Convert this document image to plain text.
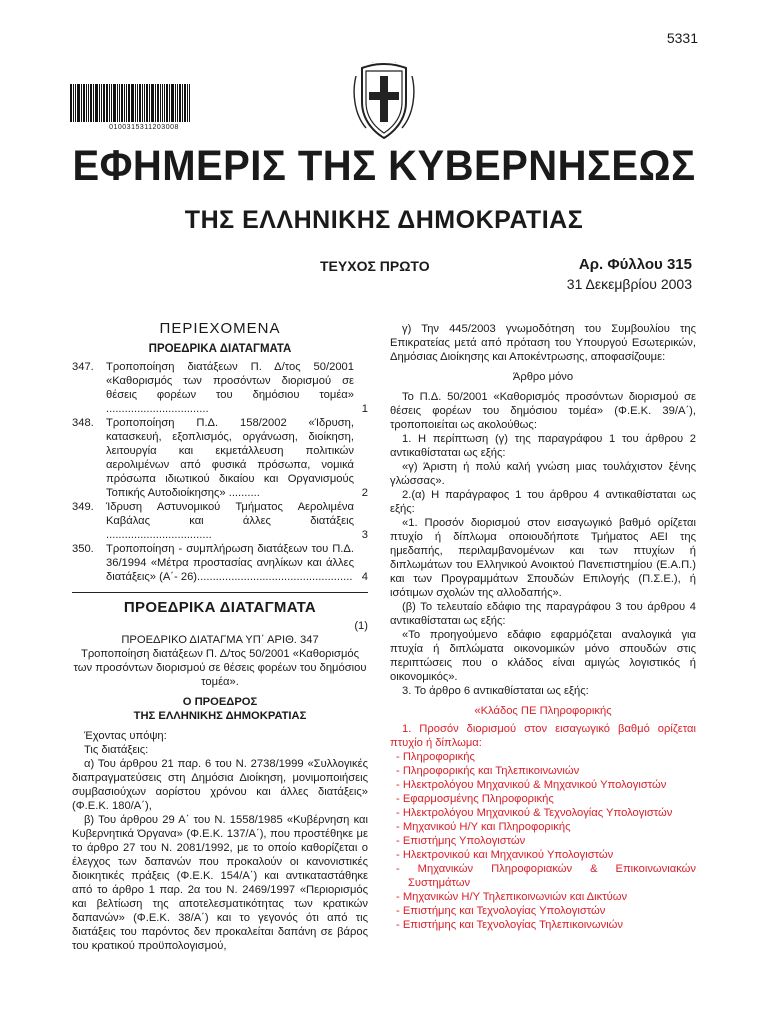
5331
0100315311203008
ΕΦΗΜΕΡΙΣ ΤΗΣ ΚΥΒΕΡΝΗΣΕΩΣ
ΤΗΣ ΕΛΛΗΝΙΚΗΣ ΔΗΜΟΚΡΑΤΙΑΣ
ΤΕΥΧΟΣ ΠΡΩΤΟ	Αρ. Φύλλου 315
31 Δεκεμβρίου 2003
ΠΕΡΙΕΧΟΜΕΝΑ
ΠΡΟΕΔΡΙΚΑ ΔΙΑΤΑΓΜΑΤΑ
347.	Τροποποίηση διατάξεων Π. Δ/τος 50/2001 «Καθορισμός των προσόντων διορισμού σε θέσεις φορέων του δημόσιου τομέα» .................................	1
348.	Τροποποίηση Π.Δ. 158/2002 «Ίδρυση, κατασκευή, εξοπλισμός, οργάνωση, διοίκηση, λειτουργία και εκμετάλλευση πολιτικών αερολιμένων από φυσικά πρόσωπα, νομικά πρόσωπα ιδιωτικού δικαίου και Οργανισμούς Τοπικής Αυτοδιοίκησης» ..........	2
349.	Ίδρυση Αστυνομικού Τμήματος Αερολιμένα Καβάλας και άλλες διατάξεις ..................................	3
350.	Τροποποίηση - συμπλήρωση διατάξεων του Π.Δ. 36/1994 «Μέτρα προστασίας ανηλίκων και άλλες διατάξεις» (Α΄- 26).................................................. 4
ΠΡΟΕΔΡΙΚΑ ΔΙΑΤΑΓΜΑΤΑ
(1)
ΠΡΟΕΔΡΙΚΟ ΔΙΑΤΑΓΜΑ ΥΠ΄ ΑΡΙΘ. 347

Τροποποίηση διατάξεων Π. Δ/τος 50/2001 «Καθορισμός των προσόντων διορισμού σε θέσεις φορέων του δημόσιου τομέα».

Ο ΠΡΟΕΔΡΟΣ
ΤΗΣ ΕΛΛΗΝΙΚΗΣ ΔΗΜΟΚΡΑΤΙΑΣ

Έχοντας υπόψη:

Τις διατάξεις:

α) Του άρθρου 21 παρ. 6 του Ν. 2738/1999 «Συλλογικές διαπραγματεύσεις στη Δημόσια Διοίκηση, μονιμοποιήσεις συμβασιούχων αορίστου χρόνου και άλλες διατάξεις» (Φ.Ε.Κ. 180/Α΄),

β) Του άρθρου 29 Α΄ του Ν. 1558/1985 «Κυβέρνηση και Κυβερνητικά Όργανα» (Φ.Ε.Κ. 137/Α΄), που προστέθηκε με το άρθρο 27 του Ν. 2081/1992, με το οποίο καθορίζεται ο έλεγχος των δαπανών που προκαλούν οι κανονιστικές διοικητικές πράξεις (Φ.Ε.Κ. 154/Α΄) και αντικαταστάθηκε από το άρθρο 1 παρ. 2α του Ν. 2469/1997 «Περιορισμός και βελτίωση της αποτελεσματικότητας των κρατικών δαπανών» (Φ.Ε.Κ. 38/Α΄) και το γεγονός ότι από τις διατάξεις του παρόντος δεν προκαλείται δαπάνη σε βάρος του κρατικού προϋπολογισμού,

γ) Την 445/2003 γνωμοδότηση του Συμβουλίου της Επικρατείας μετά από πρόταση του Υπουργού Εσωτερικών, Δημόσιας Διοίκησης και Αποκέντρωσης, αποφασίζουμε:

Άρθρο μόνο

Το Π.Δ. 50/2001 «Καθορισμός προσόντων διορισμού σε θέσεις φορέων του δημόσιου τομέα» (Φ.Ε.Κ. 39/Α΄), τροποποιείται ως ακολούθως:

1. Η περίπτωση (γ) της παραγράφου 1 του άρθρου 2 αντικαθίσταται ως εξής:

«γ) Άριστη ή πολύ καλή γνώση μιας τουλάχιστον ξένης γλώσσας».

2.(α) Η παράγραφος 1 του άρθρου 4 αντικαθίσταται ως εξής:

«1. Προσόν διορισμού στον εισαγωγικό βαθμό ορίζεται πτυχίο ή δίπλωμα οποιουδήποτε Τμήματος ΑΕΙ της ημεδαπής, περιλαμβανομένων και των πτυχίων ή διπλωμάτων του Ελληνικού Ανοικτού Πανεπιστημίου (Ε.Α.Π.) και των Προγραμμάτων Σπουδών Επιλογής (Π.Σ.Ε.), ή ισότιμων σχολών της αλλοδαπής».

(β) Το τελευταίο εδάφιο της παραγράφου 3 του άρθρου 4 αντικαθίσταται ως εξής:

«Το προηγούμενο εδάφιο εφαρμόζεται αναλογικά για πτυχία ή διπλώματα οικονομικών μόνο σπουδών στις περιπτώσεις που ο κλάδος είναι αμιγώς λογιστικός ή οικονομικός».

3. Το άρθρο 6 αντικαθίσταται ως εξής:

«Κλάδος ΠΕ Πληροφορικής

1. Προσόν διορισμού στον εισαγωγικό βαθμό ορίζεται πτυχίο ή δίπλωμα:

- Πληροφορικής

- Πληροφορικής και Τηλεπικοινωνιών

- Ηλεκτρολόγου Μηχανικού & Μηχανικού Υπολογιστών

- Εφαρμοσμένης Πληροφορικής

- Ηλεκτρολόγου Μηχανικού & Τεχνολογίας Υπολογιστών

- Μηχανικού Η/Υ και Πληροφορικής

- Επιστήμης Υπολογιστών

- Ηλεκτρονικού και Μηχανικού Υπολογιστών

- Μηχανικών Πληροφοριακών & Επικοινωνιακών Συστημάτων

- Μηχανικών Η/Υ Τηλεπικοινωνιών και Δικτύων

- Επιστήμης και Τεχνολογίας Υπολογιστών

- Επιστήμης και Τεχνολογίας Τηλεπικοινωνιών
